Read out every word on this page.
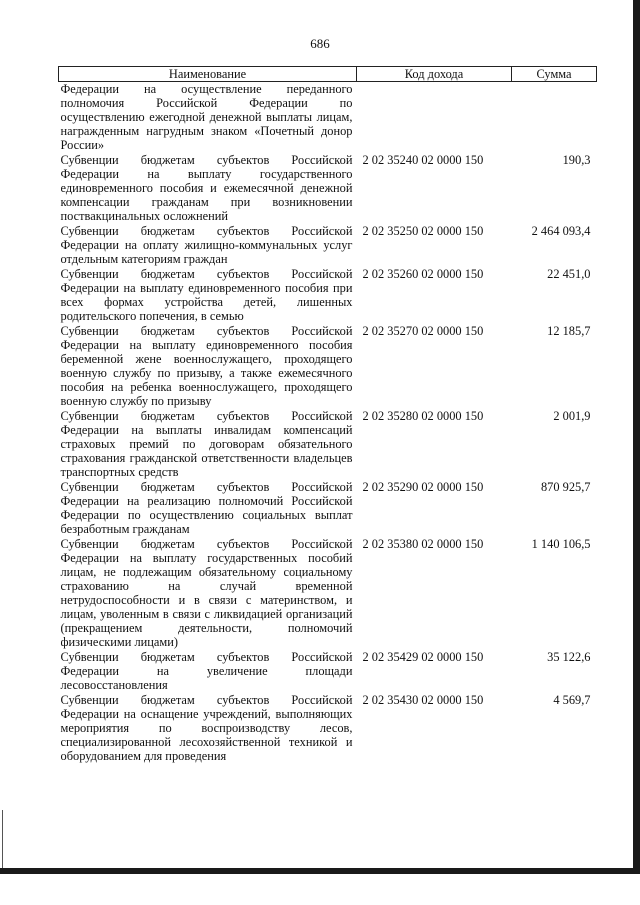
686
Наименование	Код дохода	Сумма
Федерации на осуществление переданного полномочия Российской Федерации по осуществлению ежегодной денежной выплаты лицам, награжденным нагрудным знаком «Почетный донор России»		
Субвенции бюджетам субъектов Российской Федерации на выплату государственного единовременного пособия и ежемесячной денежной компенсации гражданам при возникновении поствакцинальных осложнений	2 02 35240 02 0000 150	190,3
Субвенции бюджетам субъектов Российской Федерации на оплату жилищно-коммунальных услуг отдельным категориям граждан	2 02 35250 02 0000 150	2 464 093,4
Субвенции бюджетам субъектов Российской Федерации на выплату единовременного пособия при всех формах устройства детей, лишенных родительского попечения, в семью	2 02 35260 02 0000 150	22 451,0
Субвенции бюджетам субъектов Российской Федерации на выплату единовременного пособия беременной жене военнослужащего, проходящего военную службу по призыву, а также ежемесячного пособия на ребенка военнослужащего, проходящего военную службу по призыву	2 02 35270 02 0000 150	12 185,7
Субвенции бюджетам субъектов Российской Федерации на выплаты инвалидам компенсаций страховых премий по договорам обязательного страхования гражданской ответственности владельцев транспортных средств	2 02 35280 02 0000 150	2 001,9
Субвенции бюджетам субъектов Российской Федерации на реализацию полномочий Российской Федерации по осуществлению социальных выплат безработным гражданам	2 02 35290 02 0000 150	870 925,7
Субвенции бюджетам субъектов Российской Федерации на выплату государственных пособий лицам, не подлежащим обязательному социальному страхованию на случай временной нетрудоспособности и в связи с материнством, и лицам, уволенным в связи с ликвидацией организаций (прекращением деятельности, полномочий физическими лицами)	2 02 35380 02 0000 150	1 140 106,5
Субвенции бюджетам субъектов Российской Федерации на увеличение площади лесовосстановления	2 02 35429 02 0000 150	35 122,6
Субвенции бюджетам субъектов Российской Федерации на оснащение учреждений, выполняющих мероприятия по воспроизводству лесов, специализированной лесохозяйственной техникой и оборудованием для проведения	2 02 35430 02 0000 150	4 569,7
